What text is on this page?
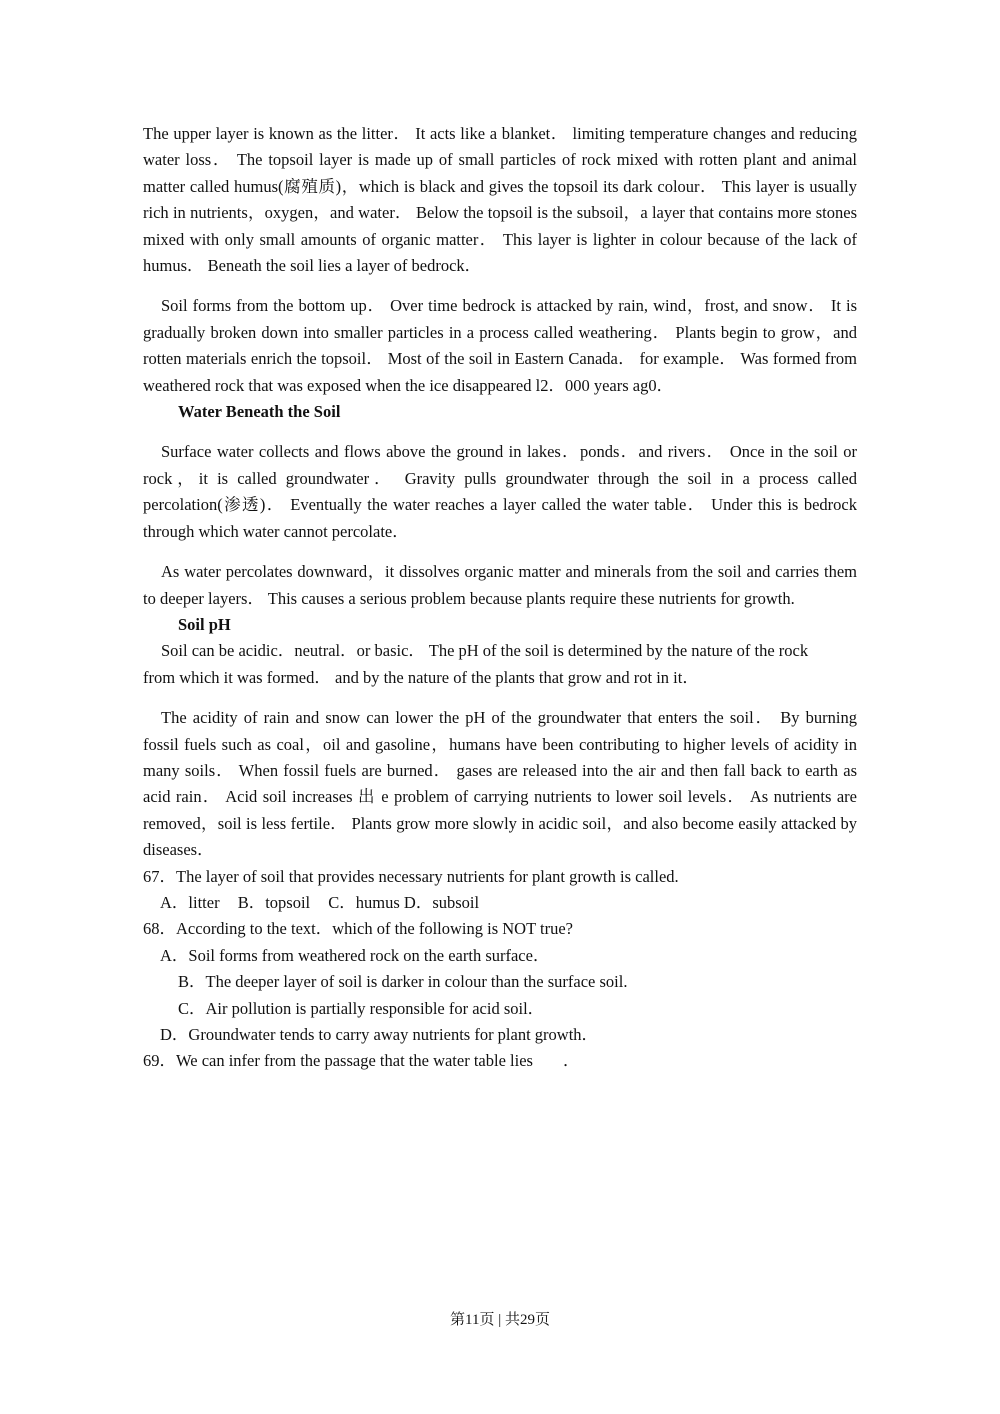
The upper layer is known as the litter． It acts like a blanket． limiting temperature changes and reducing water loss． The topsoil layer is made up of small particles of rock mixed with rotten plant and animal matter called humus(腐殖质)，which is black and gives the topsoil its dark colour． This layer is usually rich in nutrients，oxygen，and water． Below the topsoil is the subsoil，a layer that contains more stones mixed with only small amounts of organic matter． This layer is lighter in colour because of the lack of humus． Beneath the soil lies a layer of bedrock．

Soil forms from the bottom up． Over time bedrock is attacked by rain, wind，frost, and snow． It is gradually broken down into smaller particles in a process called weathering． Plants begin to grow，and rotten materials enrich the topsoil． Most of the soil in Eastern Canada． for example． Was formed from weathered rock that was exposed when the ice disappeared l2．000 years ag0．

Water Beneath the Soil

Surface water collects and flows above the ground in lakes．ponds．and rivers． Once in the soil or rock，it is called groundwater． Gravity pulls groundwater through the soil in a process called percolation(渗透)． Eventually the water reaches a layer called the water table． Under this is bedrock through which water cannot percolate．

As water percolates downward，it dissolves organic matter and minerals from the soil and carries them to deeper layers． This causes a serious problem because plants require these nutrients for growth.

Soil pH

Soil can be acidic．neutral．or basic． The pH of the soil is determined by the nature of the rock

from which it was formed． and by the nature of the plants that grow and rot in it．

The acidity of rain and snow can lower the pH of the groundwater that enters the soil． By burning fossil fuels such as coal，oil and gasoline，humans have been contributing to higher levels of acidity in many soils． When fossil fuels are burned． gases are released into the air and then fall back to earth as acid rain． Acid soil increases 出 e problem of carrying nutrients to lower soil levels． As nutrients are removed，soil is less fertile． Plants grow more slowly in acidic soil，and also become easily attacked by diseases．

67．The layer of soil that provides necessary nutrients for plant growth is called.

A．litter B．topsoil C．humus D．subsoil

68．According to the text．which of the following is NOT true?

A．Soil forms from weathered rock on the earth surface．

B．The deeper layer of soil is darker in colour than the surface soil.

C．Air pollution is partially responsible for acid soil．

D．Groundwater tends to carry away nutrients for plant growth．

69．We can infer from the passage that the water table lies ．

第11页 | 共29页
